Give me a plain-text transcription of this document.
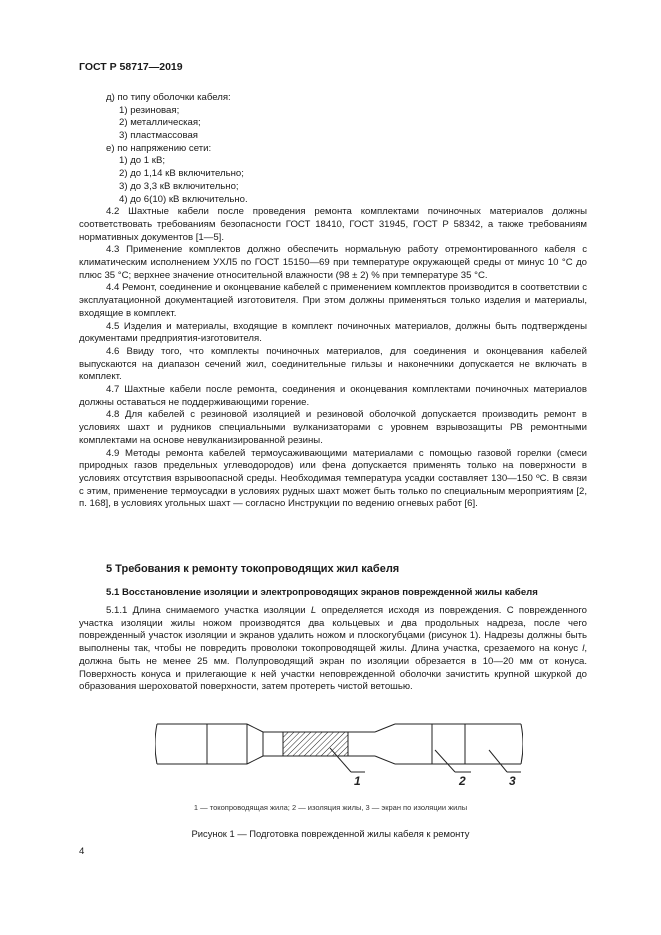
ГОСТ Р 58717—2019
д) по типу оболочки кабеля:
1) резиновая;
2) металлическая;
3) пластмассовая
е) по напряжению сети:
1) до 1 кВ;
2) до 1,14 кВ включительно;
3) до 3,3 кВ включительно;
4) до 6(10) кВ включительно.

4.2 Шахтные кабели после проведения ремонта комплектами починочных материалов должны соответствовать требованиям безопасности ГОСТ 18410, ГОСТ 31945, ГОСТ Р 58342, а также требованиям нормативных документов [1—5].

4.3 Применение комплектов должно обеспечить нормальную работу отремонтированного кабеля с климатическим исполнением УХЛ5 по ГОСТ 15150—69 при температуре окружающей среды от минус 10 °С до плюс 35 °С; верхнее значение относительной влажности (98 ± 2) % при температуре 35 °С.

4.4 Ремонт, соединение и оконцевание кабелей с применением комплектов производится в соответствии с эксплуатационной документацией изготовителя. При этом должны применяться только изделия и материалы, входящие в комплект.

4.5 Изделия и материалы, входящие в комплект починочных материалов, должны быть подтверждены документами предприятия-изготовителя.

4.6 Ввиду того, что комплекты починочных материалов, для соединения и оконцевания кабелей выпускаются на диапазон сечений жил, соединительные гильзы и наконечники допускается не включать в комплект.

4.7 Шахтные кабели после ремонта, соединения и оконцевания комплектами починочных материалов должны оставаться не поддерживающими горение.

4.8 Для кабелей с резиновой изоляцией и резиновой оболочкой допускается производить ремонт в условиях шахт и рудников специальными вулканизаторами с уровнем взрывозащиты РВ ремонтными комплектами на основе невулканизированной резины.

4.9 Методы ремонта кабелей термоусаживающими материалами с помощью газовой горелки (смеси природных газов предельных углеводородов) или фена допускается применять только на поверхности в условиях отсутствия взрывоопасной среды. Необходимая температура усадки составляет 130—150 ºС. В связи с этим, применение термоусадки в условиях рудных шахт может быть только по специальным мероприятиям [2, п. 168], в условиях угольных шахт — согласно Инструкции по ведению огневых работ [6].

5 Требования к ремонту токопроводящих жил кабеля
5.1 Восстановление изоляции и электропроводящих экранов поврежденной жилы кабеля

5.1.1 Длина снимаемого участка изоляции L определяется исходя из повреждения. С поврежденного участка изоляции жилы ножом производятся два кольцевых и два продольных надреза, после чего поврежденный участок изоляции и экранов удалить ножом и плоскогубцами (рисунок 1). Надрезы должны быть выполнены так, чтобы не повредить проволоки токопроводящей жилы. Длина участка, срезаемого на конус l, должна быть не менее 25 мм. Полупроводящий экран по изоляции обрезается в 10—20 мм от конуса. Поверхность конуса и прилегающие к ней участки неповрежденной оболочки зачистить крупной шкуркой до образования шероховатой поверхности, затем протереть чистой ветошью.

1	2	3
1 — токопроводящая жила; 2 — изоляция жилы, 3 — экран по изоляции жилы
Рисунок 1 — Подготовка поврежденной жилы кабеля к ремонту
4
